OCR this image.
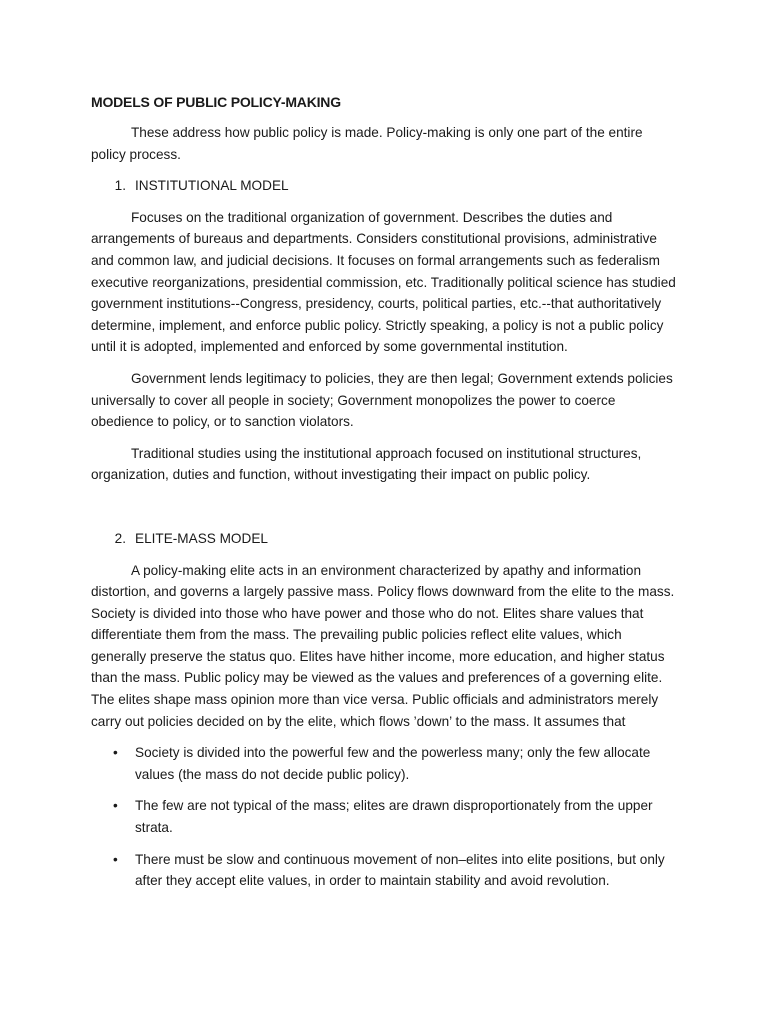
MODELS OF PUBLIC POLICY-MAKING

These address how public policy is made. Policy-making is only one part of the entire policy process.

1. INSTITUTIONAL MODEL

Focuses on the traditional organization of government. Describes the duties and arrangements of bureaus and departments. Considers constitutional provisions, administrative and common law, and judicial decisions. It focuses on formal arrangements such as federalism executive reorganizations, presidential commission, etc. Traditionally political science has studied government institutions--Congress, presidency, courts, political parties, etc.--that authoritatively determine, implement, and enforce public policy. Strictly speaking, a policy is not a public policy until it is adopted, implemented and enforced by some governmental institution.

Government lends legitimacy to policies, they are then legal; Government extends policies universally to cover all people in society; Government monopolizes the power to coerce obedience to policy, or to sanction violators.

Traditional studies using the institutional approach focused on institutional structures, organization, duties and function, without investigating their impact on public policy.

2. ELITE-MASS MODEL

A policy-making elite acts in an environment characterized by apathy and information distortion, and governs a largely passive mass. Policy flows downward from the elite to the mass. Society is divided into those who have power and those who do not. Elites share values that differentiate them from the mass. The prevailing public policies reflect elite values, which generally preserve the status quo. Elites have hither income, more education, and higher status than the mass. Public policy may be viewed as the values and preferences of a governing elite. The elites shape mass opinion more than vice versa. Public officials and administrators merely carry out policies decided on by the elite, which flows ’down’ to the mass. It assumes that

•	Society is divided into the powerful few and the powerless many; only the few allocate values (the mass do not decide public policy).
•	The few are not typical of the mass; elites are drawn disproportionately from the upper strata.
•	There must be slow and continuous movement of non–elites into elite positions, but only after they accept elite values, in order to maintain stability and avoid revolution.
